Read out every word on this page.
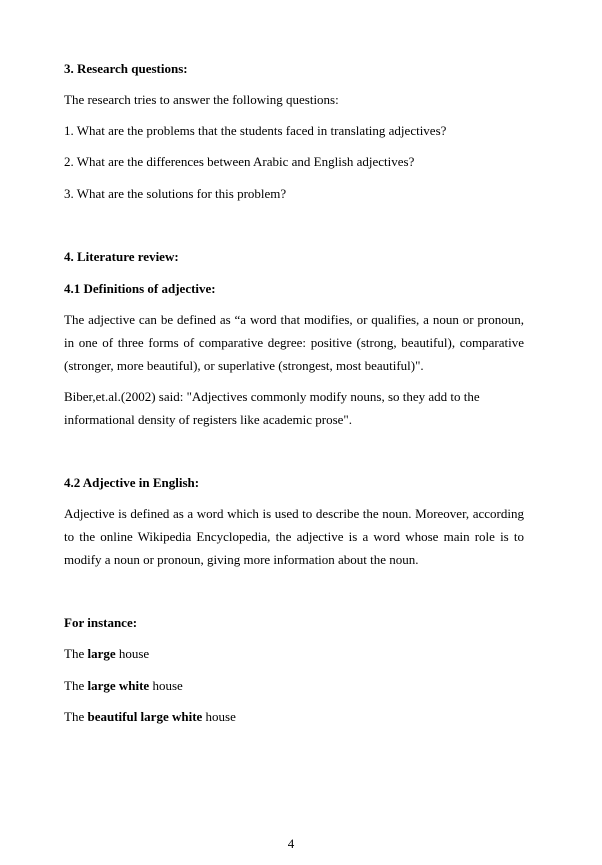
3. Research questions:
The research tries to answer the following questions:
1. What are the problems that the students faced in translating adjectives?
2. What are the differences between Arabic and English adjectives?
3. What are the solutions for this problem?
4. Literature review:
4.1 Definitions of adjective:
The adjective can be defined as “a word that modifies, or qualifies, a noun or pronoun,
in one of three forms of comparative degree: positive (strong, beautiful), comparative
(stronger, more beautiful), or superlative (strongest, most beautiful)".
Biber,et.al.(2002) said: "Adjectives commonly modify nouns, so they add to the
informational density of registers like academic prose".
4.2 Adjective in English:
Adjective is defined as a word which is used to describe the noun. Moreover, according
to the online Wikipedia Encyclopedia, the adjective is a word whose main role is to
modify a noun or pronoun, giving more information about the noun.
For instance:
The large house
The large white house
The beautiful large white house
4
